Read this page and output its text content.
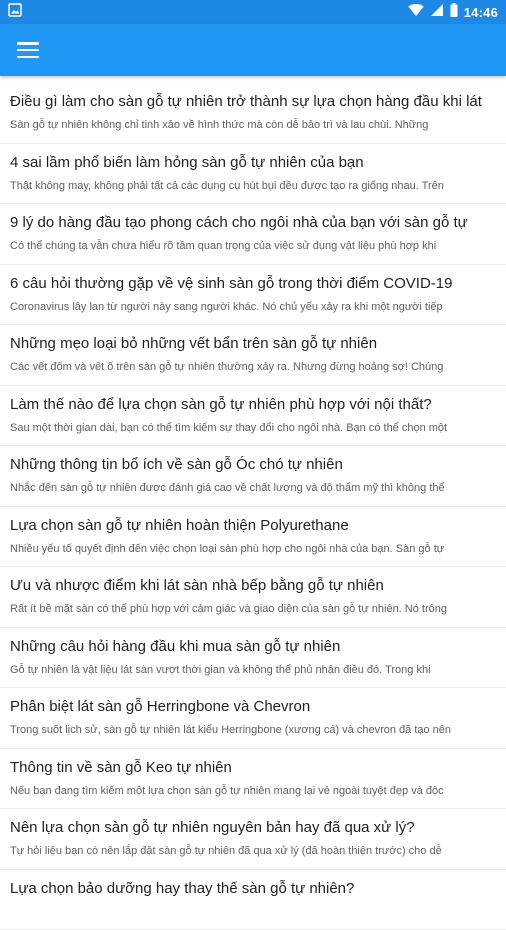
14:46
Điều gì làm cho sàn gỗ tự nhiên trở thành sự lựa chọn hàng đầu khi lát
Sàn gỗ tự nhiên không chỉ tinh xảo về hình thức mà còn dễ bảo trì và lau chùi. Những
4 sai lầm phổ biến làm hỏng sàn gỗ tự nhiên của bạn
Thật không may, không phải tất cả các dụng cụ hút bụi đều được tạo ra giống nhau. Trên
9 lý do hàng đầu tạo phong cách cho ngôi nhà của bạn với sàn gỗ tự
Có thể chúng ta vẫn chưa hiểu rõ tầm quan trọng của việc sử dụng vật liệu phù hợp khi
6 câu hỏi thường gặp về vệ sinh sàn gỗ trong thời điểm COVID-19
Coronavirus lây lan từ người này sang người khác. Nó chủ yếu xảy ra khi một người tiếp
Những mẹo loại bỏ những vết bẩn trên sàn gỗ tự nhiên
Các vết đốm và vết ố trên sàn gỗ tự nhiên thường xảy ra. Nhưng đừng hoảng sợ! Chúng
Làm thế nào để lựa chọn sàn gỗ tự nhiên phù hợp với nội thất?
Sau một thời gian dài, bạn có thể tìm kiếm sự thay đổi cho ngôi nhà. Bạn có thể chọn một
Những thông tin bổ ích về sàn gỗ Óc chó tự nhiên
Nhắc đến sàn gỗ tự nhiên được đánh giá cao về chất lượng và độ thẩm mỹ thì không thể
Lựa chọn sàn gỗ tự nhiên hoàn thiện Polyurethane
Nhiều yếu tố quyết định đến việc chọn loại sàn phù hợp cho ngôi nhà của bạn. Sàn gỗ tự
Ưu và nhược điểm khi lát sàn nhà bếp bằng gỗ tự nhiên
Rất ít bề mặt sàn có thể phù hợp với cảm giác và giao diện của sàn gỗ tự nhiên. Nó trông
Những câu hỏi hàng đầu khi mua sàn gỗ tự nhiên
Gỗ tự nhiên là vật liệu lát sàn vượt thời gian và không thể phủ nhận điều đó. Trong khi
Phân biệt lát sàn gỗ Herringbone và Chevron
Trong suốt lịch sử, sàn gỗ tự nhiên lát kiểu Herringbone (xương cá) và chevron đã tạo nên
Thông tin về sàn gỗ Keo tự nhiên
Nếu bạn đang tìm kiếm một lựa chọn sàn gỗ tự nhiên mang lại vẻ ngoài tuyệt đẹp và độc
Nên lựa chọn sàn gỗ tự nhiên nguyên bản hay đã qua xử lý?
Tự hỏi liệu bạn có nên lắp đặt sàn gỗ tự nhiên đã qua xử lý (đã hoàn thiện trước) cho dễ
Lựa chọn bảo dưỡng hay thay thế sàn gỗ tự nhiên?
